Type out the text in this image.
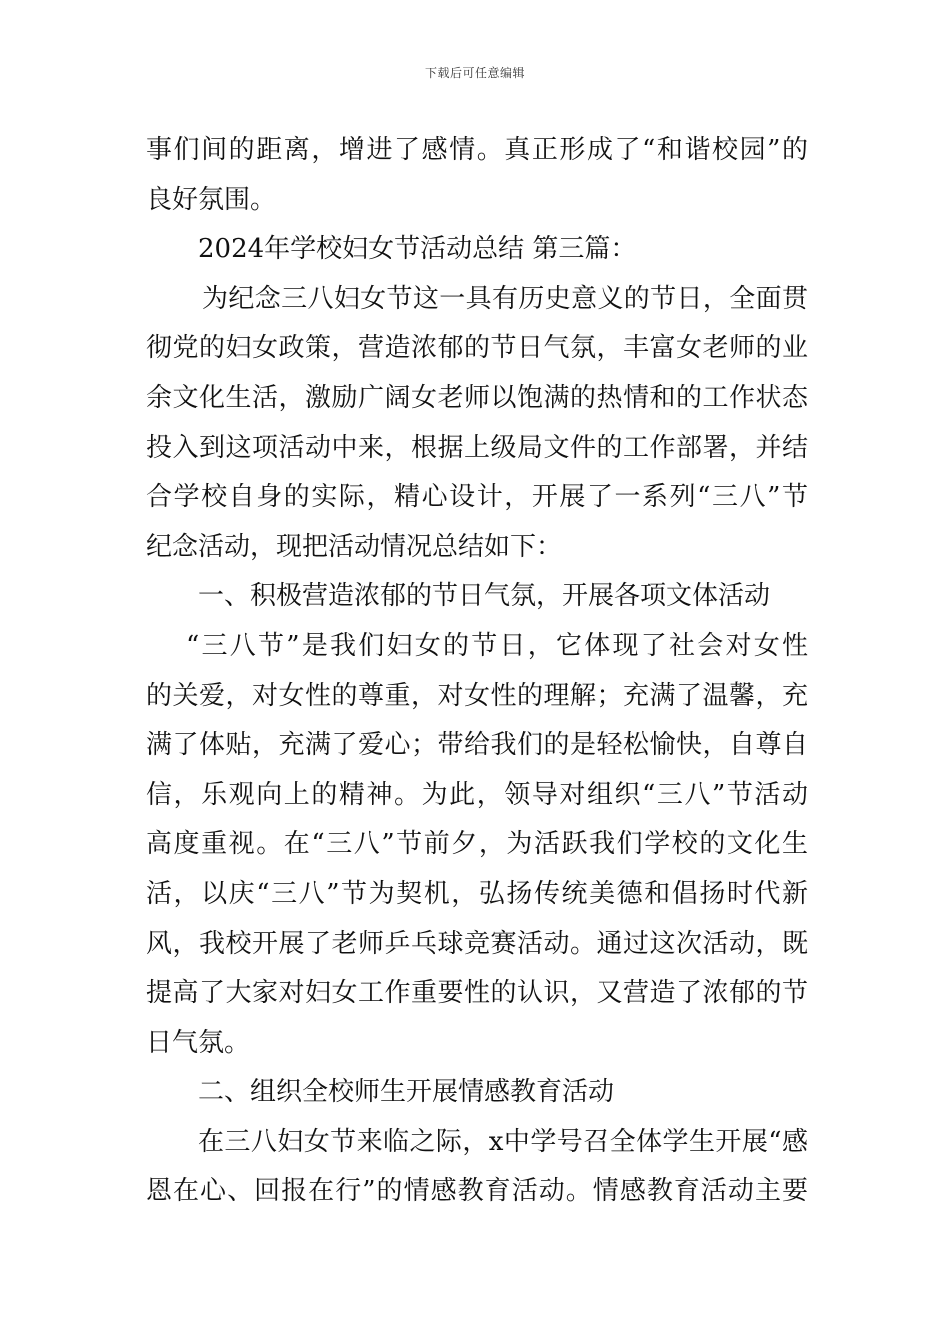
下载后可任意编辑
事们间的距离，增进了感情。真正形成了“和谐校园”的
良好氛围。
2024年学校妇女节活动总结 第三篇：
为纪念三八妇女节这一具有历史意义的节日，全面贯
彻党的妇女政策，营造浓郁的节日气氛，丰富女老师的业
余文化生活，激励广阔女老师以饱满的热情和的工作状态
投入到这项活动中来，根据上级局文件的工作部署，并结
合学校自身的实际，精心设计，开展了一系列“三八”节
纪念活动，现把活动情况总结如下：
一、积极营造浓郁的节日气氛，开展各项文体活动
“三八节”是我们妇女的节日，它体现了社会对女性
的关爱，对女性的尊重，对女性的理解；充满了温馨，充
满了体贴，充满了爱心；带给我们的是轻松愉快，自尊自
信，乐观向上的精神。为此，领导对组织“三八”节活动
高度重视。在“三八”节前夕，为活跃我们学校的文化生
活，以庆“三八”节为契机，弘扬传统美德和倡扬时代新
风，我校开展了老师乒乓球竞赛活动。通过这次活动，既
提高了大家对妇女工作重要性的认识，又营造了浓郁的节
日气氛。
二、组织全校师生开展情感教育活动
在三八妇女节来临之际，x中学号召全体学生开展“感
恩在心、回报在行”的情感教育活动。情感教育活动主要
